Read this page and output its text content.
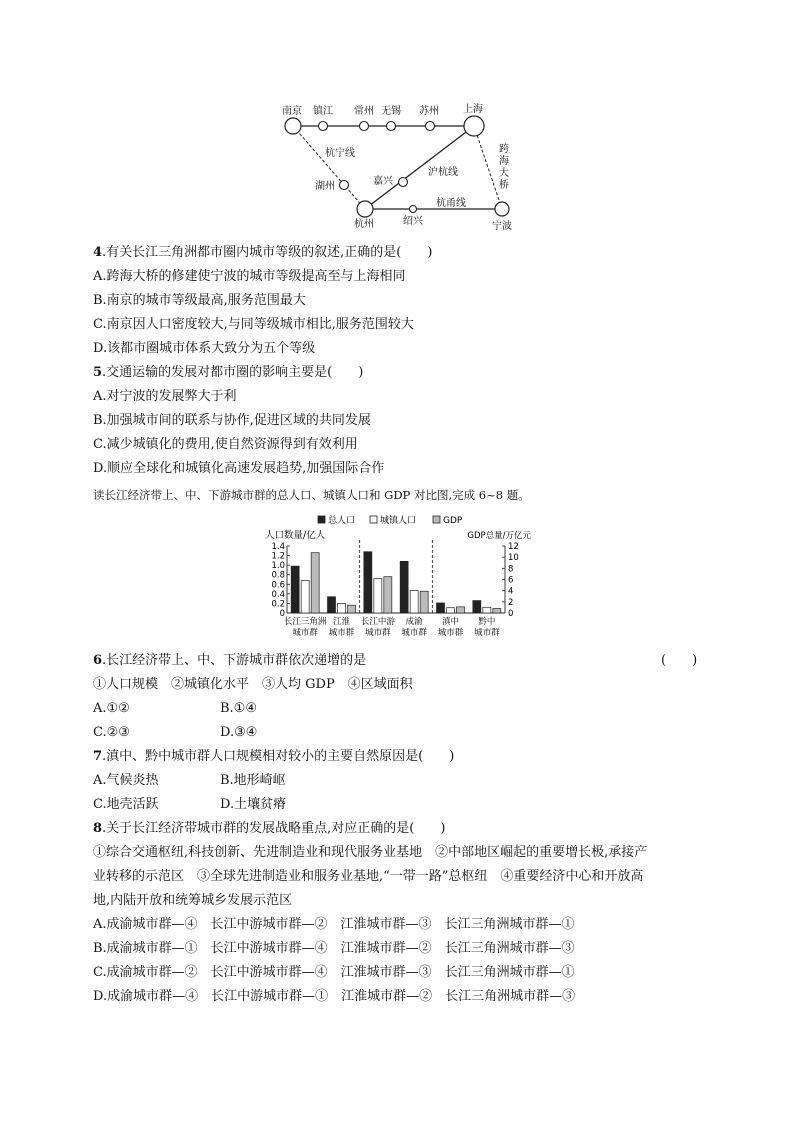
南京 镇江 常州 无锡 苏州 上海
湖州	嘉兴
杭州	绍兴	宁波
杭宁线
沪杭线
杭甬线
跨
海
大
桥
4.有关长江三角洲都市圈内城市等级的叙述,正确的是(　　)
A.跨海大桥的修建使宁波的城市等级提高至与上海相同
B.南京的城市等级最高,服务范围最大
C.南京因人口密度较大,与同等级城市相比,服务范围较大
D.该都市圈城市体系大致分为五个等级
5.交通运输的发展对都市圈的影响主要是(　　)
A.对宁波的发展弊大于利
B.加强城市间的联系与协作,促进区域的共同发展
C.减少城镇化的费用,使自然资源得到有效利用
D.顺应全球化和城镇化高速发展趋势,加强国际合作
读长江经济带上、中、下游城市群的总人口、城镇人口和 GDP 对比图,完成 6~8 题。
总人口	城镇人口	GDP
人口数量/亿人	GDP总量/万亿元
1.4
1.2
1.0
0.8
0.6
0.4
0.2
0
12
10
8
6
4
2
0
长江三角洲
城市群
江淮
城市群
长江中游
城市群
成渝
城市群
滇中
城市群
黔中
城市群
6.长江经济带上、中、下游城市群依次递增的是	(　　)
①人口规模　②城镇化水平　③人均 GDP　④区域面积
A.①②	B.①④
C.②③	D.③④
7.滇中、黔中城市群人口规模相对较小的主要自然原因是(　　)
A.气候炎热	B.地形崎岖
C.地壳活跃	D.土壤贫瘠
8.关于长江经济带城市群的发展战略重点,对应正确的是(　　)
①综合交通枢纽,科技创新、先进制造业和现代服务业基地　②中部地区崛起的重要增长极,承接产
业转移的示范区　③全球先进制造业和服务业基地,“一带一路”总枢纽　④重要经济中心和开放高
地,内陆开放和统筹城乡发展示范区
A.成渝城市群—④　长江中游城市群—②　江淮城市群—③　长江三角洲城市群—①
B.成渝城市群—①　长江中游城市群—④　江淮城市群—②　长江三角洲城市群—③
C.成渝城市群—②　长江中游城市群—④　江淮城市群—③　长江三角洲城市群—①
D.成渝城市群—④　长江中游城市群—①　江淮城市群—②　长江三角洲城市群—③
